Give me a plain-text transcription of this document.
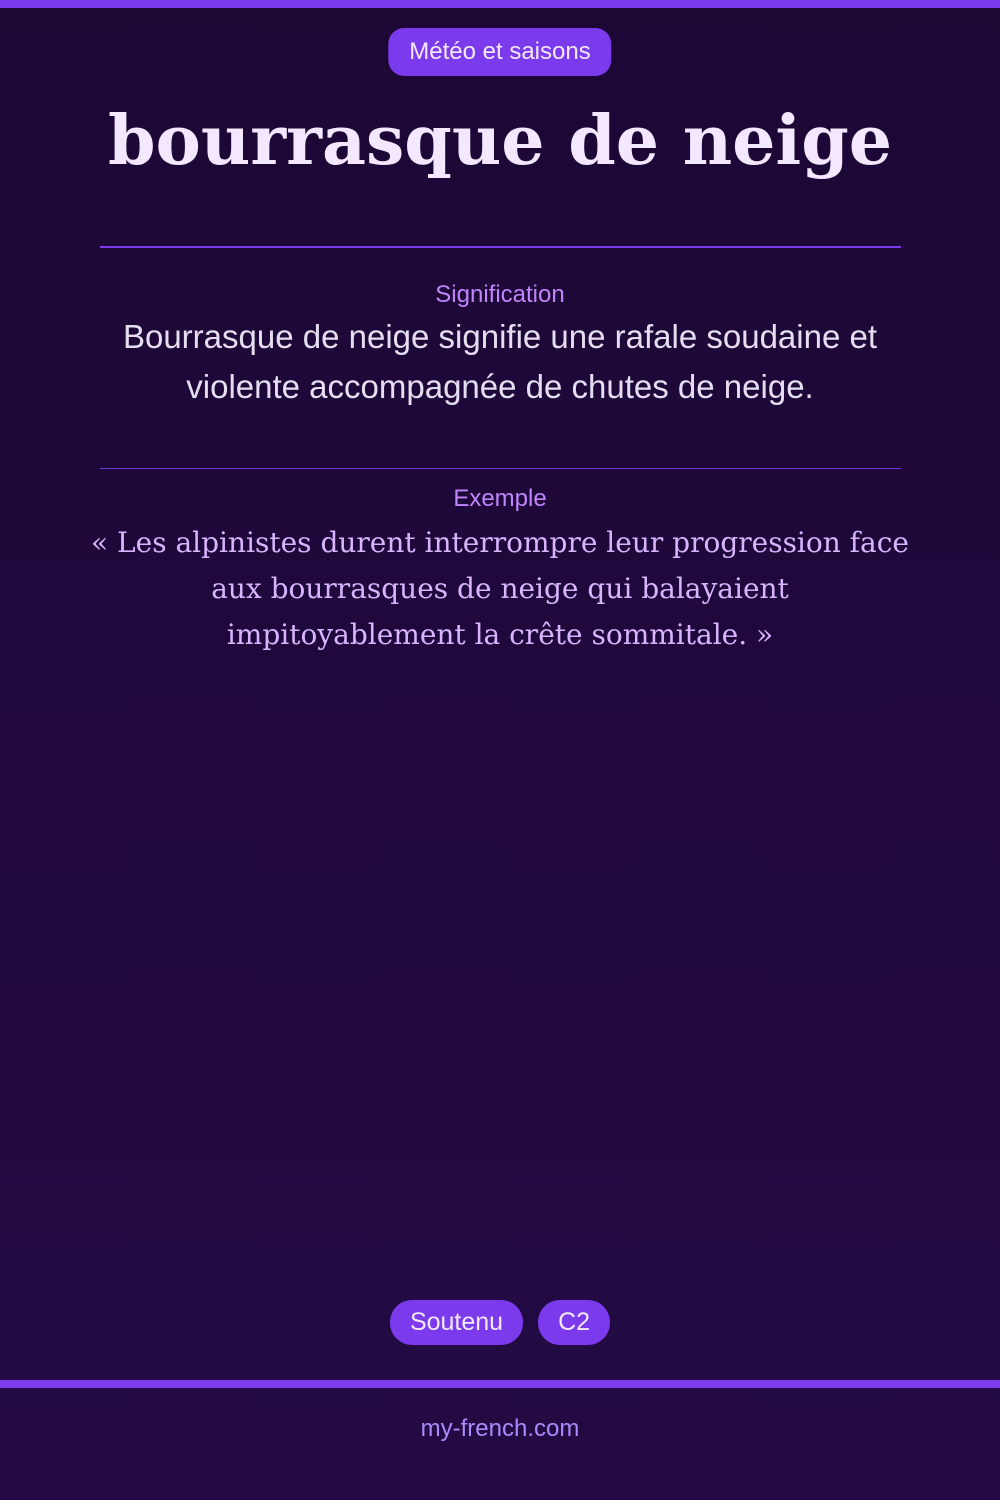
Météo et saisons
bourrasque de neige
Signification
Bourrasque de neige signifie une rafale soudaine et violente accompagnée de chutes de neige.
Exemple
« Les alpinistes durent interrompre leur progression face aux bourrasques de neige qui balayaient impitoyablement la crête sommitale. »
Soutenu	C2
my-french.com
